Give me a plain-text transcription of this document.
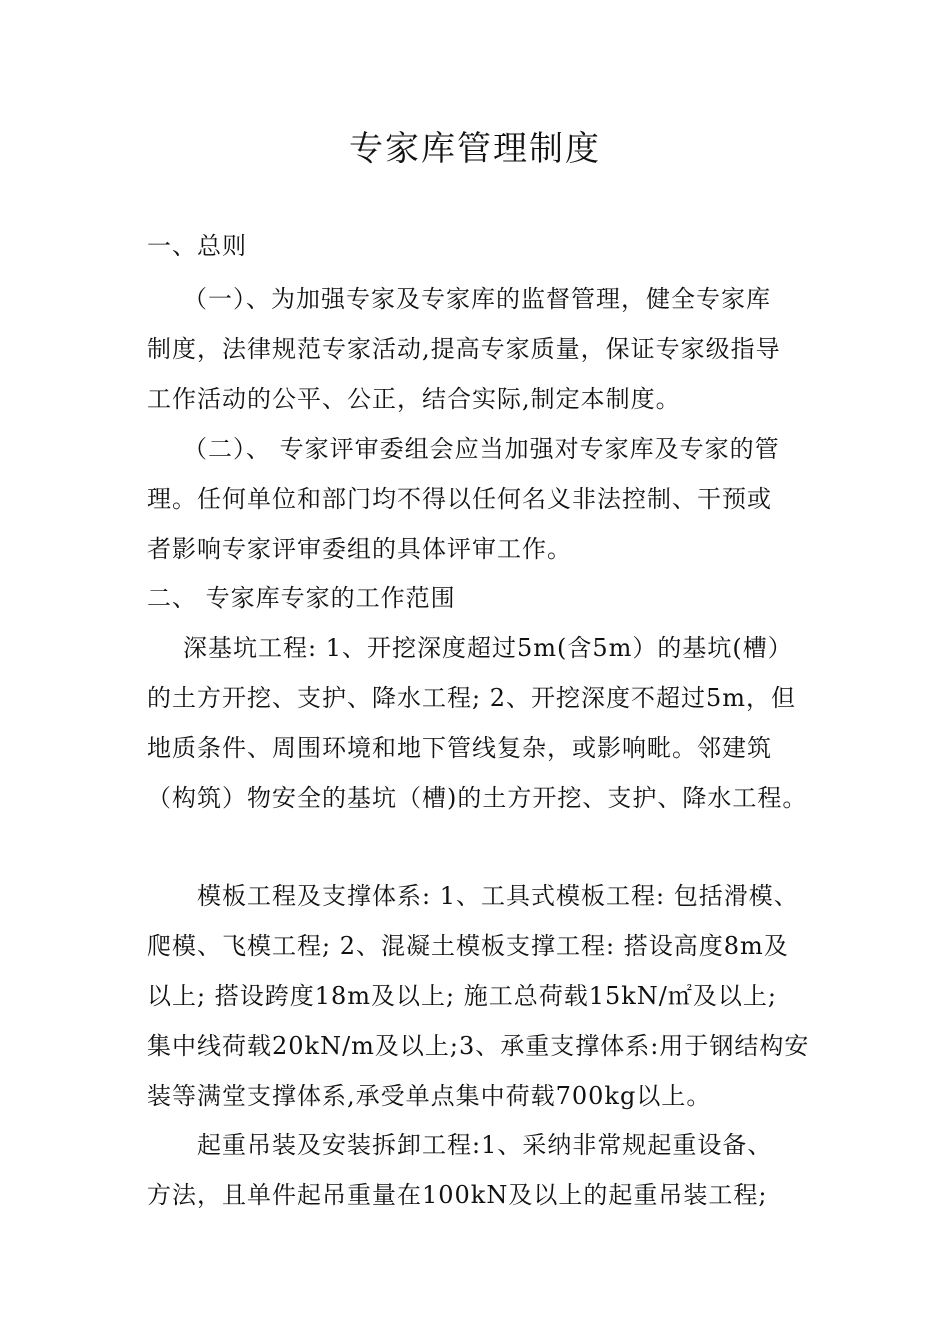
专家库管理制度
一、总则
（一）、为加强专家及专家库的监督管理，健全专家库
制度，法律规范专家活动,提高专家质量，保证专家级指导
工作活动的公平、公正，结合实际,制定本制度。
（二）、 专家评审委组会应当加强对专家库及专家的管
理。任何单位和部门均不得以任何名义非法控制、干预或
者影响专家评审委组的具体评审工作。
二、 专家库专家的工作范围
深基坑工程: 1、开挖深度超过5m(含5m）的基坑(槽）
的土方开挖、支护、降水工程; 2、开挖深度不超过5m，但
地质条件、周围环境和地下管线复杂，或影响毗。邻建筑
（构筑）物安全的基坑（槽)的土方开挖、支护、降水工程。
模板工程及支撑体系: 1、工具式模板工程: 包括滑模、
爬模、飞模工程; 2、混凝土模板支撑工程: 搭设高度8m及
以上; 搭设跨度18m及以上; 施工总荷载15kN/㎡及以上;
集中线荷载20kN/m及以上;3、承重支撑体系:用于钢结构安
装等满堂支撑体系,承受单点集中荷载700kg以上。
起重吊装及安装拆卸工程:1、采纳非常规起重设备、
方法，且单件起吊重量在100kN及以上的起重吊装工程;
